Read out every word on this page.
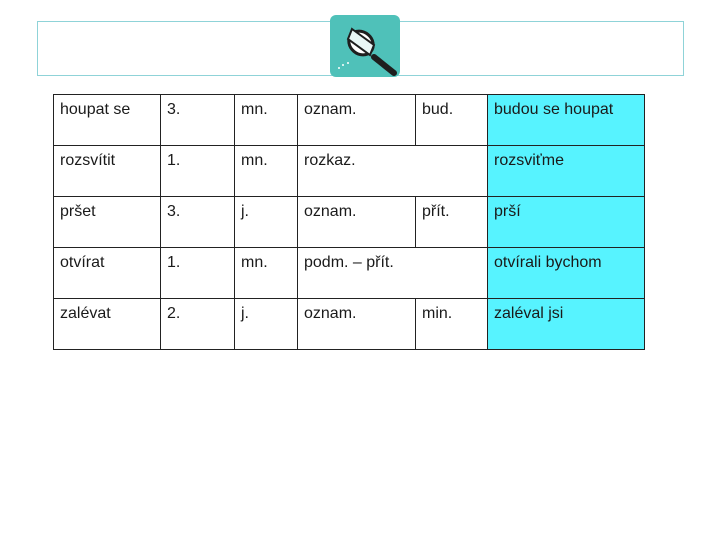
houpat se	3.	mn.	oznam.	bud.	budou se houpat
rozsvítit	1.	mn.	rozkaz.		rozsviťme
pršet	3.	j.	oznam.	přít.	prší
otvírat	1.	mn.	podm. – přít.		otvírali bychom
zalévat	2.	j.	oznam.	min.	zaléval jsi
